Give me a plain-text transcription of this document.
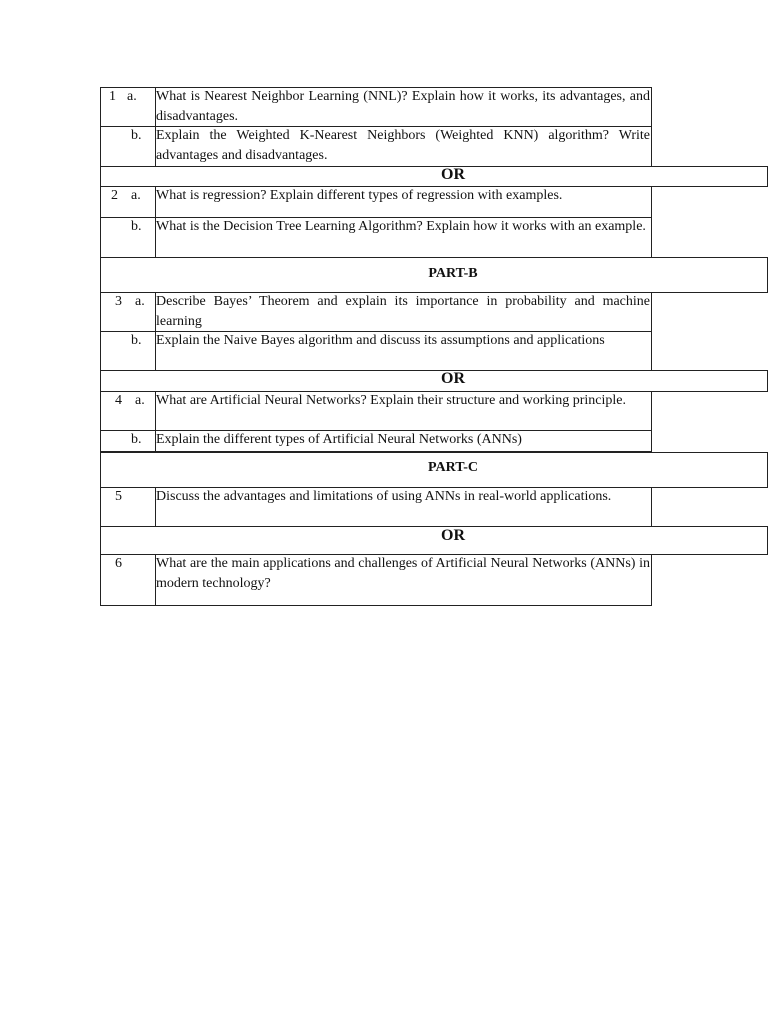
1 a. What is Nearest Neighbor Learning (NNL)? Explain how it works, its advantages, and disadvantages.
b. Explain the Weighted K-Nearest Neighbors (Weighted KNN) algorithm? Write advantages and disadvantages.
OR
2 a. What is regression? Explain different types of regression with examples.
b. What is the Decision Tree Learning Algorithm? Explain how it works with an example.
PART-B
3 a. Describe Bayes’ Theorem and explain its importance in probability and machine learning
b. Explain the Naive Bayes algorithm and discuss its assumptions and applications
OR
4 a. What are Artificial Neural Networks? Explain their structure and working principle.
b. Explain the different types of Artificial Neural Networks (ANNs)
PART-C
5 Discuss the advantages and limitations of using ANNs in real-world applications.
OR
6 What are the main applications and challenges of Artificial Neural Networks (ANNs) in modern technology?
